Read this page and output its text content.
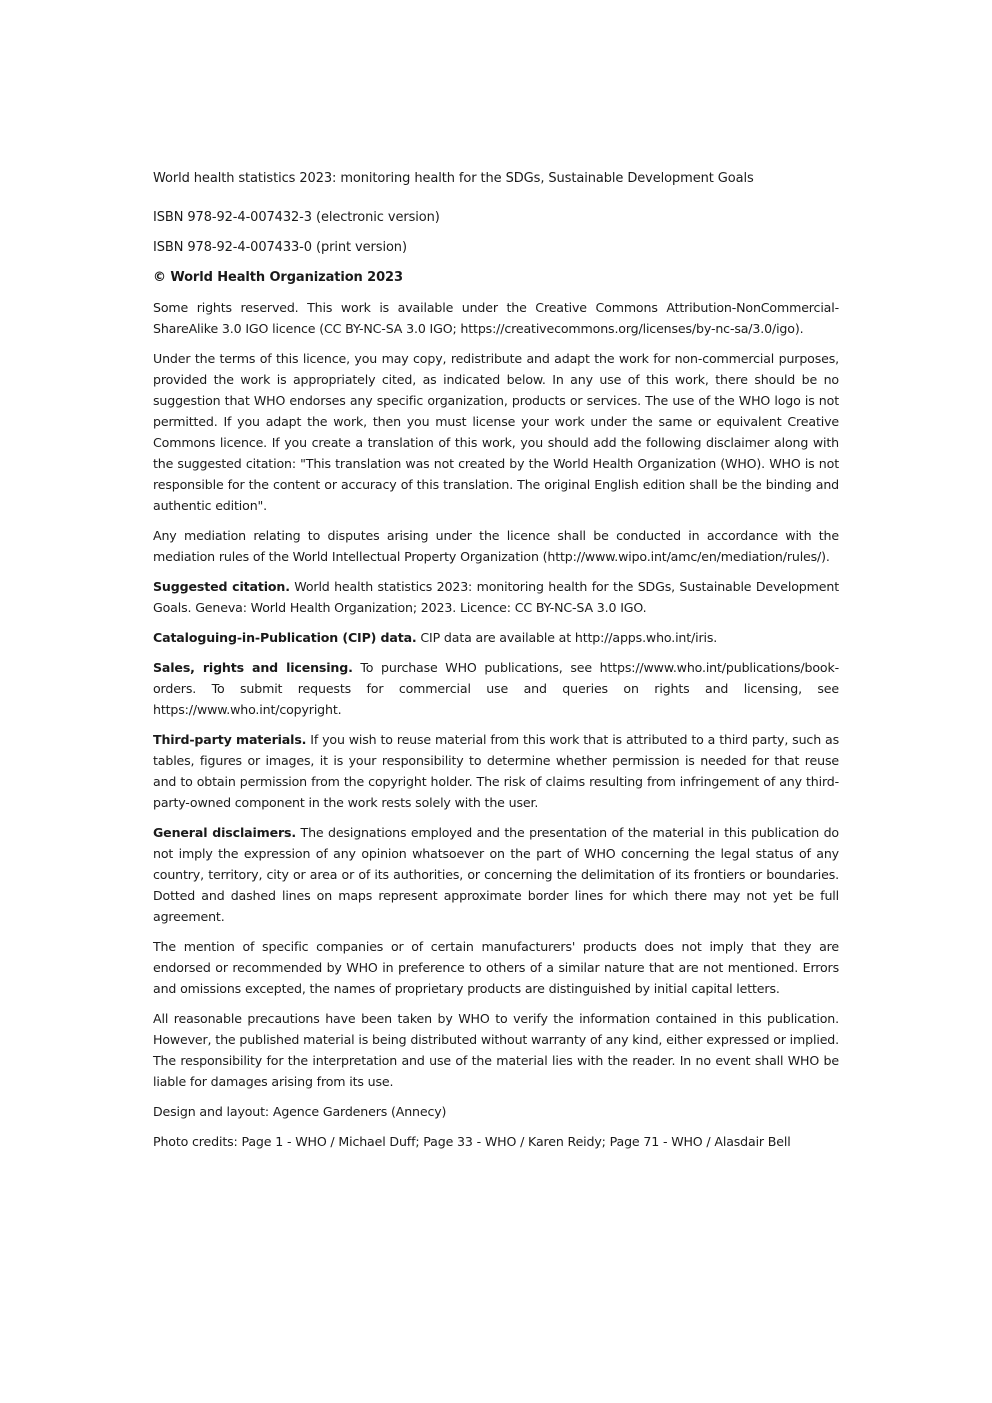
World health statistics 2023: monitoring health for the SDGs, Sustainable Development Goals

ISBN 978-92-4-007432-3 (electronic version)

ISBN 978-92-4-007433-0 (print version)

© World Health Organization 2023

Some rights reserved. This work is available under the Creative Commons Attribution-NonCommercial-ShareAlike 3.0 IGO licence (CC BY-NC-SA 3.0 IGO; https://creativecommons.org/licenses/by-nc-sa/3.0/igo).

Under the terms of this licence, you may copy, redistribute and adapt the work for non-commercial purposes, provided the work is appropriately cited, as indicated below. In any use of this work, there should be no suggestion that WHO endorses any specific organization, products or services. The use of the WHO logo is not permitted. If you adapt the work, then you must license your work under the same or equivalent Creative Commons licence. If you create a translation of this work, you should add the following disclaimer along with the suggested citation: "This translation was not created by the World Health Organization (WHO). WHO is not responsible for the content or accuracy of this translation. The original English edition shall be the binding and authentic edition".

Any mediation relating to disputes arising under the licence shall be conducted in accordance with the mediation rules of the World Intellectual Property Organization (http://www.wipo.int/amc/en/mediation/rules/).

Suggested citation. World health statistics 2023: monitoring health for the SDGs, Sustainable Development Goals. Geneva: World Health Organization; 2023. Licence: CC BY-NC-SA 3.0 IGO.

Cataloguing-in-Publication (CIP) data. CIP data are available at http://apps.who.int/iris.

Sales, rights and licensing. To purchase WHO publications, see https://www.who.int/publications/book-orders. To submit requests for commercial use and queries on rights and licensing, see https://www.who.int/copyright.

Third-party materials. If you wish to reuse material from this work that is attributed to a third party, such as tables, figures or images, it is your responsibility to determine whether permission is needed for that reuse and to obtain permission from the copyright holder. The risk of claims resulting from infringement of any third-party-owned component in the work rests solely with the user.

General disclaimers. The designations employed and the presentation of the material in this publication do not imply the expression of any opinion whatsoever on the part of WHO concerning the legal status of any country, territory, city or area or of its authorities, or concerning the delimitation of its frontiers or boundaries. Dotted and dashed lines on maps represent approximate border lines for which there may not yet be full agreement.

The mention of specific companies or of certain manufacturers' products does not imply that they are endorsed or recommended by WHO in preference to others of a similar nature that are not mentioned. Errors and omissions excepted, the names of proprietary products are distinguished by initial capital letters.

All reasonable precautions have been taken by WHO to verify the information contained in this publication. However, the published material is being distributed without warranty of any kind, either expressed or implied. The responsibility for the interpretation and use of the material lies with the reader. In no event shall WHO be liable for damages arising from its use.

Design and layout: Agence Gardeners (Annecy)

Photo credits: Page 1 - WHO / Michael Duff; Page 33 - WHO / Karen Reidy; Page 71 - WHO / Alasdair Bell
